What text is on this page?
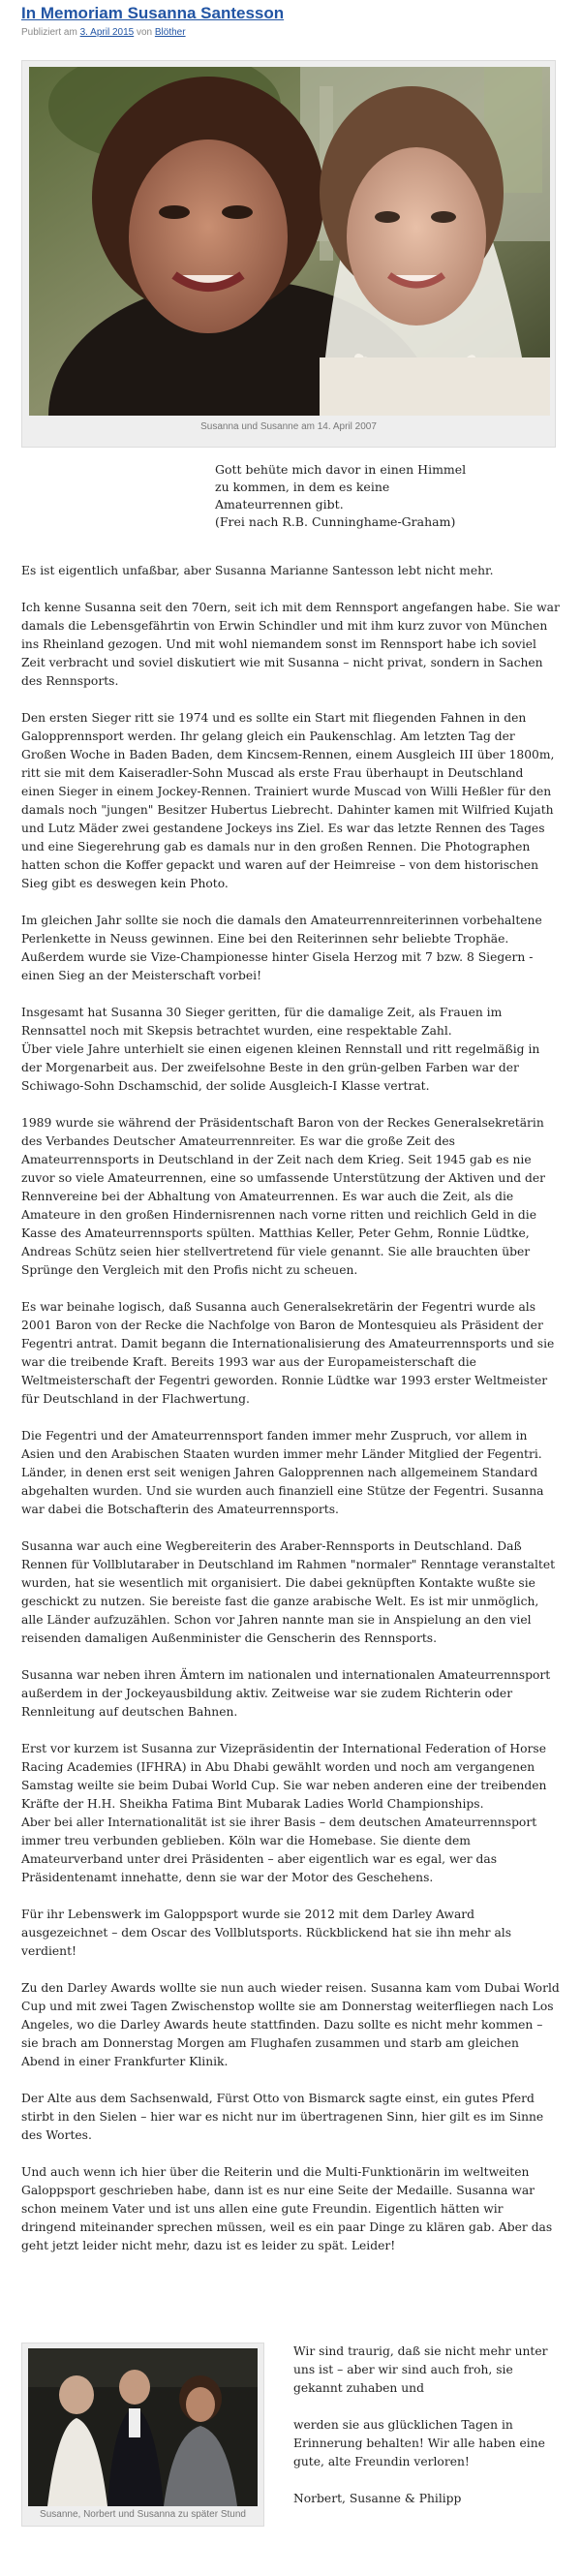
In Memoriam Susanna Santesson
Publiziert am 3. April 2015 von Blöther
Susanna und Susanne am 14. April 2007
Gott behüte mich davor in einen Himmel
zu kommen, in dem es keine
Amateurrennen gibt.
(Frei nach R.B. Cunninghame-Graham)

Es ist eigentlich unfaßbar, aber Susanna Marianne Santesson lebt nicht mehr.

Ich kenne Susanna seit den 70ern, seit ich mit dem Rennsport angefangen habe. Sie war damals die Lebensgefährtin von Erwin Schindler und mit ihm kurz zuvor von München ins Rheinland gezogen. Und mit wohl niemandem sonst im Rennsport habe ich soviel Zeit verbracht und soviel diskutiert wie mit Susanna – nicht privat, sondern in Sachen des Rennsports.

Den ersten Sieger ritt sie 1974 und es sollte ein Start mit fliegenden Fahnen in den Galopprennsport werden. Ihr gelang gleich ein Paukenschlag. Am letzten Tag der Großen Woche in Baden Baden, dem Kincsem-Rennen, einem Ausgleich III über 1800m, ritt sie mit dem Kaiseradler-Sohn Muscad als erste Frau überhaupt in Deutschland einen Sieger in einem Jockey-Rennen. Trainiert wurde Muscad von Willi Heßler für den damals noch "jungen" Besitzer Hubertus Liebrecht. Dahinter kamen mit Wilfried Kujath und Lutz Mäder zwei gestandene Jockeys ins Ziel. Es war das letzte Rennen des Tages und eine Siegerehrung gab es damals nur in den großen Rennen. Die Photographen hatten schon die Koffer gepackt und waren auf der Heimreise – von dem historischen Sieg gibt es deswegen kein Photo.

Im gleichen Jahr sollte sie noch die damals den Amateurrennreiterinnen vorbehaltene
Perlenkette in Neuss gewinnen. Eine bei den Reiterinnen sehr beliebte Trophäe.
Außerdem wurde sie Vize-Championesse hinter Gisela Herzog mit 7 bzw. 8 Siegern -
einen Sieg an der Meisterschaft vorbei!

Insgesamt hat Susanna 30 Sieger geritten, für die damalige Zeit, als Frauen im Rennsattel noch mit Skepsis betrachtet wurden, eine respektable Zahl.
Über viele Jahre unterhielt sie einen eigenen kleinen Rennstall und ritt regelmäßig in der Morgenarbeit aus. Der zweifelsohne Beste in den grün-gelben Farben war der Schiwago-Sohn Dschamschid, der solide Ausgleich-I Klasse vertrat.

1989 wurde sie während der Präsidentschaft Baron von der Reckes Generalsekretärin des Verbandes Deutscher Amateurrennreiter. Es war die große Zeit des Amateurrennsports in Deutschland in der Zeit nach dem Krieg. Seit 1945 gab es nie zuvor so viele Amateurrennen, eine so umfassende Unterstützung der Aktiven und der Rennvereine bei der Abhaltung von Amateurrennen. Es war auch die Zeit, als die Amateure in den großen Hindernisrennen nach vorne ritten und reichlich Geld in die Kasse des Amateurrennsports spülten. Matthias Keller, Peter Gehm, Ronnie Lüdtke, Andreas Schütz seien hier stellvertretend für viele genannt. Sie alle brauchten über Sprünge den Vergleich mit den Profis nicht zu scheuen.

Es war beinahe logisch, daß Susanna auch Generalsekretärin der Fegentri wurde als 2001 Baron von der Recke die Nachfolge von Baron de Montesquieu als Präsident der Fegentri antrat. Damit begann die Internationalisierung des Amateurrennsports und sie war die treibende Kraft. Bereits 1993 war aus der Europameisterschaft die Weltmeisterschaft der Fegentri geworden. Ronnie Lüdtke war 1993 erster Weltmeister für Deutschland in der Flachwertung.

Die Fegentri und der Amateurrennsport fanden immer mehr Zuspruch, vor allem in Asien und den Arabischen Staaten wurden immer mehr Länder Mitglied der Fegentri. Länder, in denen erst seit wenigen Jahren Galopprennen nach allgemeinem Standard abgehalten wurden. Und sie wurden auch finanziell eine Stütze der Fegentri. Susanna war dabei die Botschafterin des Amateurrennsports.

Susanna war auch eine Wegbereiterin des Araber-Rennsports in Deutschland. Daß Rennen für Vollblutaraber in Deutschland im Rahmen "normaler" Renntage veranstaltet wurden, hat sie wesentlich mit organisiert. Die dabei geknüpften Kontakte wußte sie geschickt zu nutzen. Sie bereiste fast die ganze arabische Welt. Es ist mir unmöglich, alle Länder aufzuzählen. Schon vor Jahren nannte man sie in Anspielung an den viel reisenden damaligen Außenminister die Genscherin des Rennsports.

Susanna war neben ihren Ämtern im nationalen und internationalen Amateurrennsport
außerdem in der Jockeyausbildung aktiv. Zeitweise war sie zudem Richterin oder Rennleitung auf deutschen Bahnen.

Erst vor kurzem ist Susanna zur Vizepräsidentin der International Federation of Horse Racing Academies (IFHRA) in Abu Dhabi gewählt worden und noch am vergangenen Samstag weilte sie beim Dubai World Cup. Sie war neben anderen eine der treibenden Kräfte der H.H. Sheikha Fatima Bint Mubarak Ladies World Championships.
Aber bei aller Internationalität ist sie ihrer Basis – dem deutschen Amateurrennsport immer treu verbunden geblieben. Köln war die Homebase. Sie diente dem Amateurverband unter drei Präsidenten – aber eigentlich war es egal, wer das Präsidentenamt innehatte, denn sie war der Motor des Geschehens.

Für ihr Lebenswerk im Galoppsport wurde sie 2012 mit dem Darley Award ausgezeichnet – dem Oscar des Vollblutsports. Rückblickend hat sie ihn mehr als verdient!

Zu den Darley Awards wollte sie nun auch wieder reisen. Susanna kam vom Dubai World Cup und mit zwei Tagen Zwischenstop wollte sie am Donnerstag weiterfliegen nach Los Angeles, wo die Darley Awards heute stattfinden. Dazu sollte es nicht mehr kommen – sie brach am Donnerstag Morgen am Flughafen zusammen und starb am gleichen Abend in einer Frankfurter Klinik.

Der Alte aus dem Sachsenwald, Fürst Otto von Bismarck sagte einst, ein gutes Pferd stirbt in den Sielen – hier war es nicht nur im übertragenen Sinn, hier gilt es im Sinne des Wortes.

Und auch wenn ich hier über die Reiterin und die Multi-Funktionärin im weltweiten Galoppsport geschrieben habe, dann ist es nur eine Seite der Medaille. Susanna war schon meinem Vater und ist uns allen eine gute Freundin. Eigentlich hätten wir dringend miteinander sprechen müssen, weil es ein paar Dinge zu klären gab. Aber das geht jetzt leider nicht mehr, dazu ist es leider zu spät. Leider!

Susanne, Norbert und Susanna zu später Stund

Wir sind traurig, daß sie nicht mehr unter uns ist – aber wir sind auch froh, sie gekannt zuhaben und

werden sie aus glücklichen Tagen in Erinnerung behalten! Wir alle haben eine gute, alte Freundin verloren!

Norbert, Susanne & Philipp
